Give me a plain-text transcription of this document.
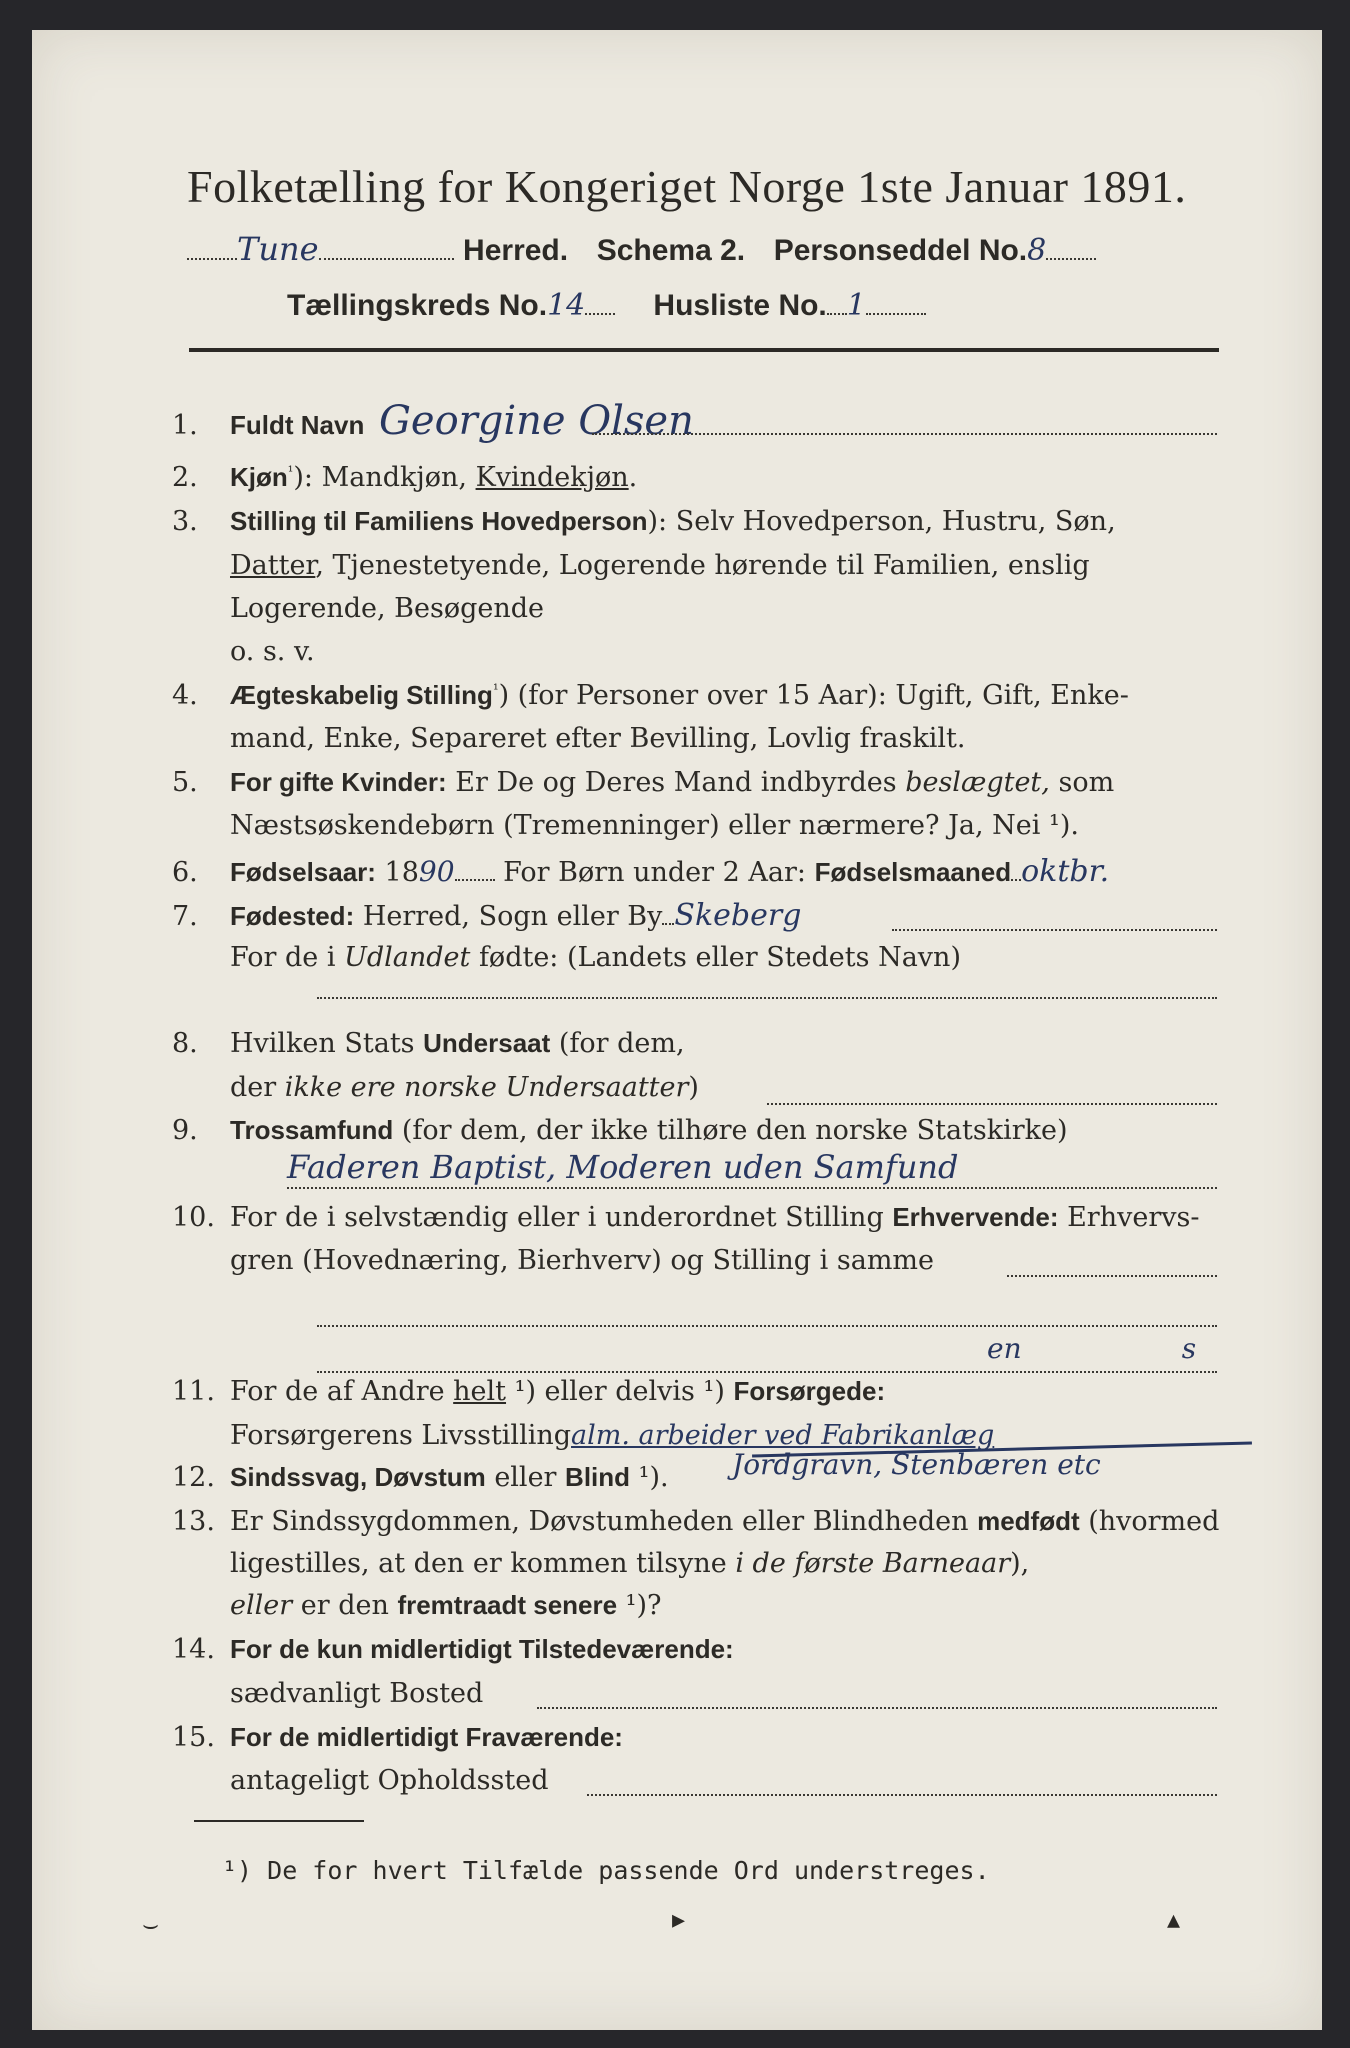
Folketælling for Kongeriget Norge 1ste Januar 1891.
Tune	Herred. Schema 2. Personseddel No.8
Tællingskreds No.14 Husliste No. 1
1. Fuldt Navn Georgine Olsen
2. Kjøn$^{^1}$): Mandkjøn, Kvindekjøn.
3. Stilling til Familiens Hovedperson): Selv Hovedperson, Hustru, Søn,
Datter, Tjenestetyende, Logerende hørende til Familien, enslig
Logerende, Besøgende
o. s. v.
4. Ægteskabelig Stilling$^{^1}$) (for Personer over 15 Aar): Ugift, Gift, Enke-
mand, Enke, Separeret efter Bevilling, Lovlig fraskilt.
5. For gifte Kvinder: Er De og Deres Mand indbyrdes beslægtet, som
Næstsøskendebørn (Tremenninger) eller nærmere? Ja, Nei ¹).
6. Fødselsaar: 1890 For Børn under 2 Aar: Fødselsmaaned oktbr.
7. Fødested: Herred, Sogn eller By Skeberg
For de i Udlandet fødte: (Landets eller Stedets Navn)
8. Hvilken Stats Undersaat (for dem,
der ikke ere norske Undersaatter)
9. Trossamfund (for dem, der ikke tilhøre den norske Statskirke)
Faderen Baptist, Moderen uden Samfund
10. For de i selvstændig eller i underordnet Stilling Erhvervende: Erhvervs-
gren (Hovednæring, Bierhverv) og Stilling i samme
en                  s
11. For de af Andre helt ¹) eller delvis ¹) Forsørgede:
Forsørgerens Livsstillingalm. arbeider ved Fabrikanlæg
12. Sindssvag, Døvstum eller Blind ¹). Jordgravn, Stenbæren etc
13. Er Sindssygdommen, Døvstumheden eller Blindheden medfødt (hvormed
ligestilles, at den er kommen tilsyne i de første Barneaar),
eller er den fremtraadt senere ¹)?
14. For de kun midlertidigt Tilstedeværende:
sædvanligt Bosted
15. For de midlertidigt Fraværende:
antageligt Opholdssted
¹) De for hvert Tilfælde passende Ord understreges.
⌣	▸	▴
